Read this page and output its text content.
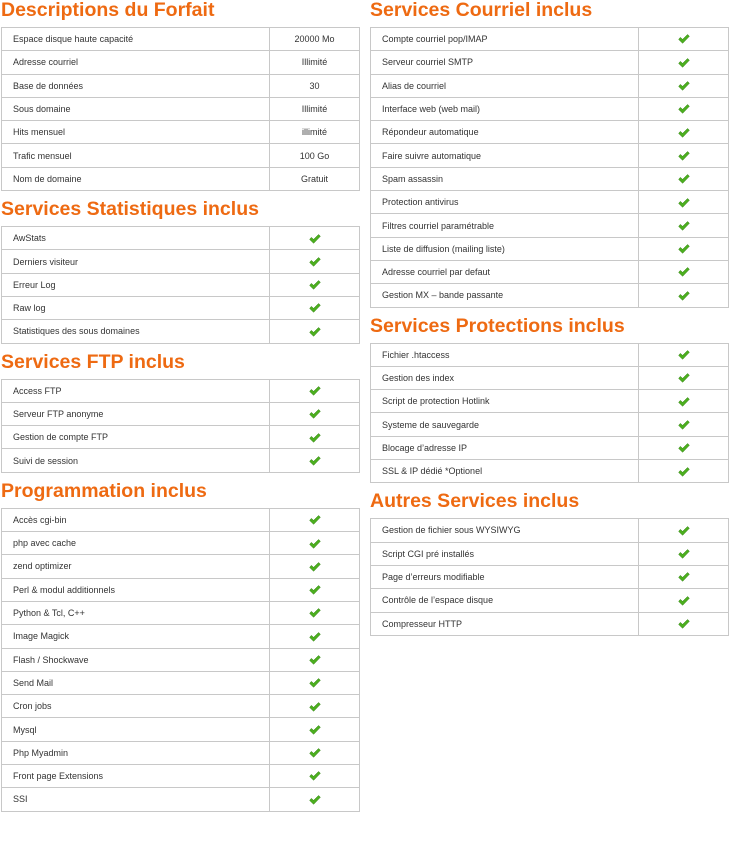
Descriptions du Forfait
Espace disque haute capacité	20000 Mo
Adresse courriel	Illimité
Base de données	30
Sous domaine	Illimité
Hits mensuel	illimité
Trafic mensuel	100 Go
Nom de domaine	Gratuit
Services Statistiques inclus
AwStats	
Derniers visiteur	
Erreur Log	
Raw log	
Statistiques des sous domaines	
Services FTP inclus
Access FTP	
Serveur FTP anonyme	
Gestion de compte FTP	
Suivi de session	
Programmation inclus
Accès cgi-bin	
php avec cache	
zend optimizer	
Perl & modul additionnels	
Python & Tcl, C++	
Image Magick	
Flash / Shockwave	
Send Mail	
Cron jobs	
Mysql	
Php Myadmin	
Front page Extensions	
SSI	
Services Courriel inclus
Compte courriel pop/IMAP	
Serveur courriel SMTP	
Alias de courriel	
Interface web (web mail)	
Répondeur automatique	
Faire suivre automatique	
Spam assassin	
Protection antivirus	
Filtres courriel paramétrable	
Liste de diffusion (mailing liste)	
Adresse courriel par defaut	
Gestion MX – bande passante	
Services Protections inclus
Fichier .htaccess	
Gestion des index	
Script de protection Hotlink	
Systeme de sauvegarde	
Blocage d’adresse IP	
SSL & IP dédié *Optionel	
Autres Services inclus
Gestion de fichier sous WYSIWYG	
Script CGI pré installés	
Page d’erreurs modifiable	
Contrôle de l’espace disque	
Compresseur HTTP	
